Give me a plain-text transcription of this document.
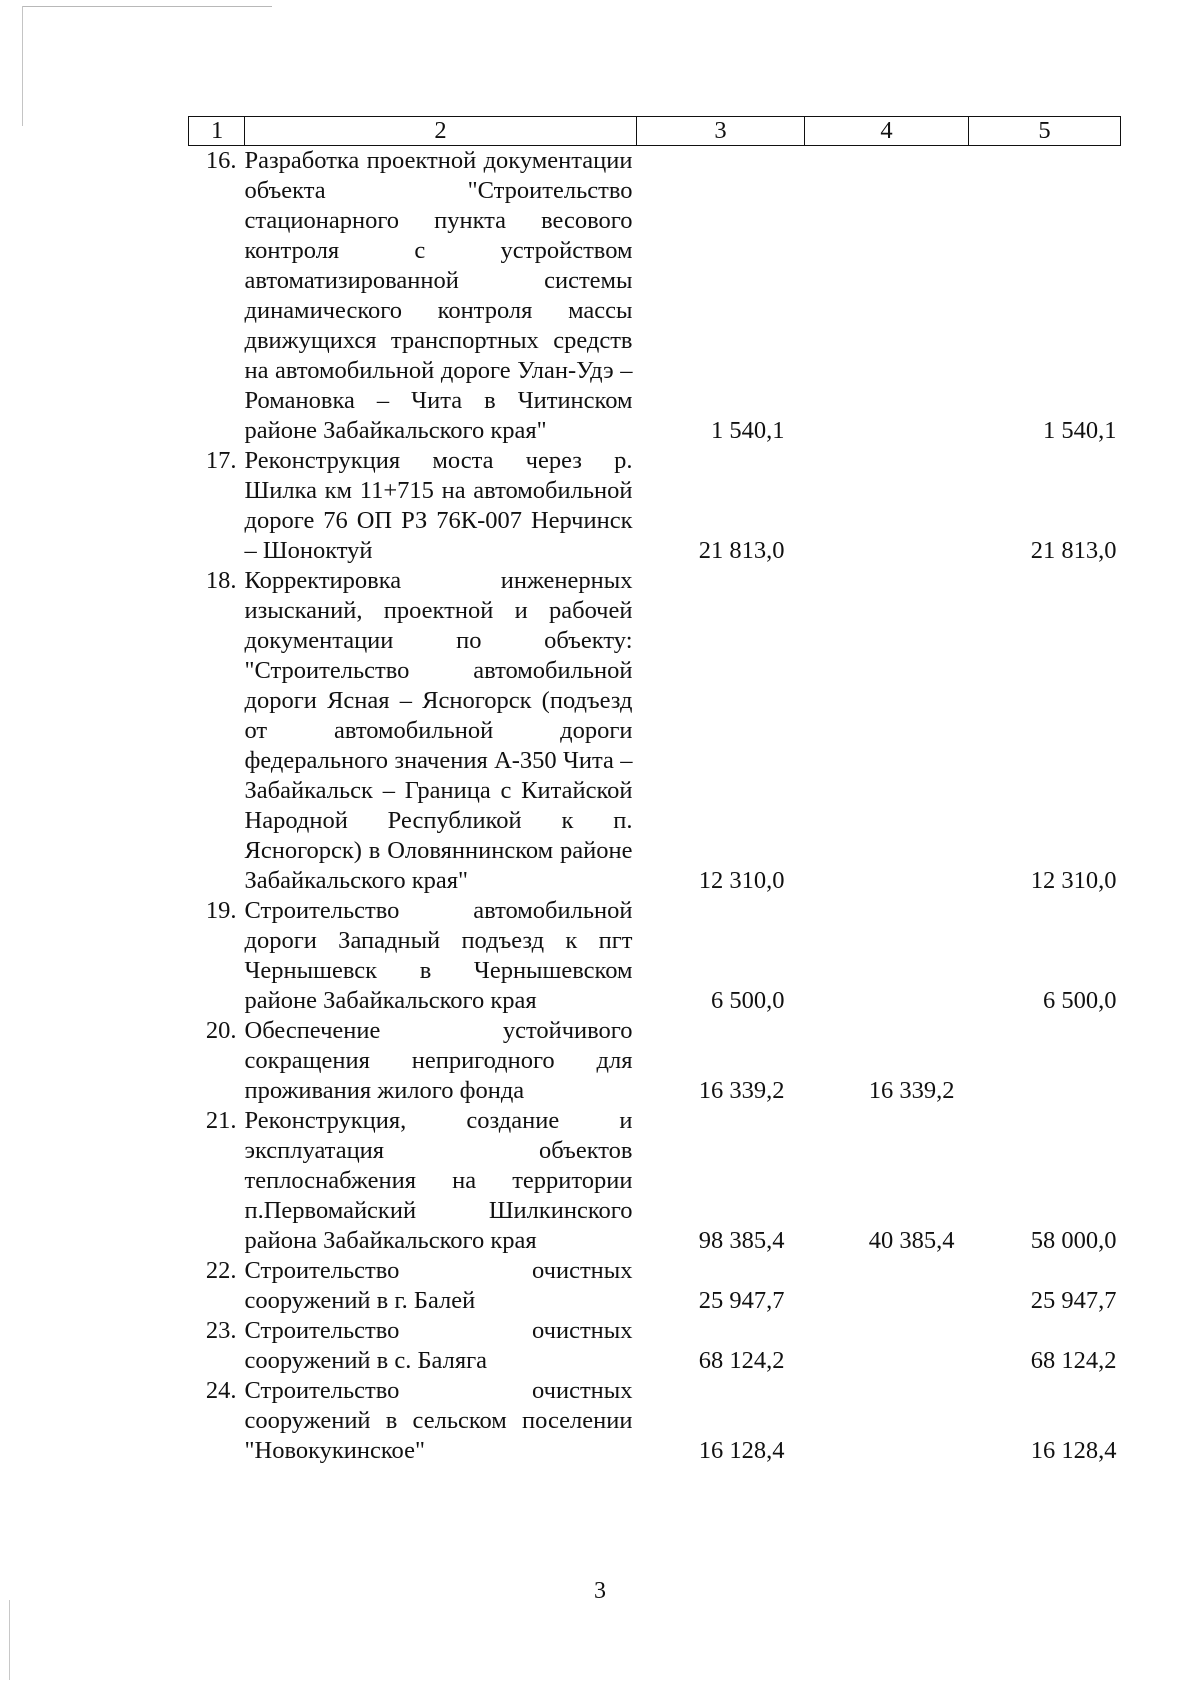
1	2	3	4	5
16.	Разработка проектной документации объекта "Строительство стационарного пункта весового контроля с устройством автоматизированной системы динамического контроля массы движущихся транспортных средств на автомобильной дороге Улан-Удэ – Романовка – Чита в Читинском районе Забайкальского края"	1 540,1		1 540,1
17.	Реконструкция моста через р. Шилка км 11+715 на автомобильной дороге 76 ОП РЗ 76К-007 Нерчинск – Шоноктуй	21 813,0		21 813,0
18.	Корректировка инженерных изысканий, проектной и рабочей документации по объекту: "Строительство автомобильной дороги Ясная – Ясногорск (подъезд от автомобильной дороги федерального значения А-350 Чита – Забайкальск – Граница с Китайской Народной Республикой к п. Ясногорск) в Оловяннинском районе Забайкальского края"	12 310,0		12 310,0
19.	Строительство автомобильной дороги Западный подъезд к пгт Чернышевск в Чернышевском районе Забайкальского края	6 500,0		6 500,0
20.	Обеспечение устойчивого сокращения непригодного для проживания жилого фонда	16 339,2	16 339,2	
21.	Реконструкция, создание и эксплуатация объектов теплоснабжения на территории п.Первомайский Шилкинского района Забайкальского края	98 385,4	40 385,4	58 000,0
22.	Строительство очистных сооружений в г. Балей	25 947,7		25 947,7
23.	Строительство очистных сооружений в с. Баляга	68 124,2		68 124,2
24.	Строительство очистных сооружений в сельском поселении "Новокукинское"	16 128,4		16 128,4
3
